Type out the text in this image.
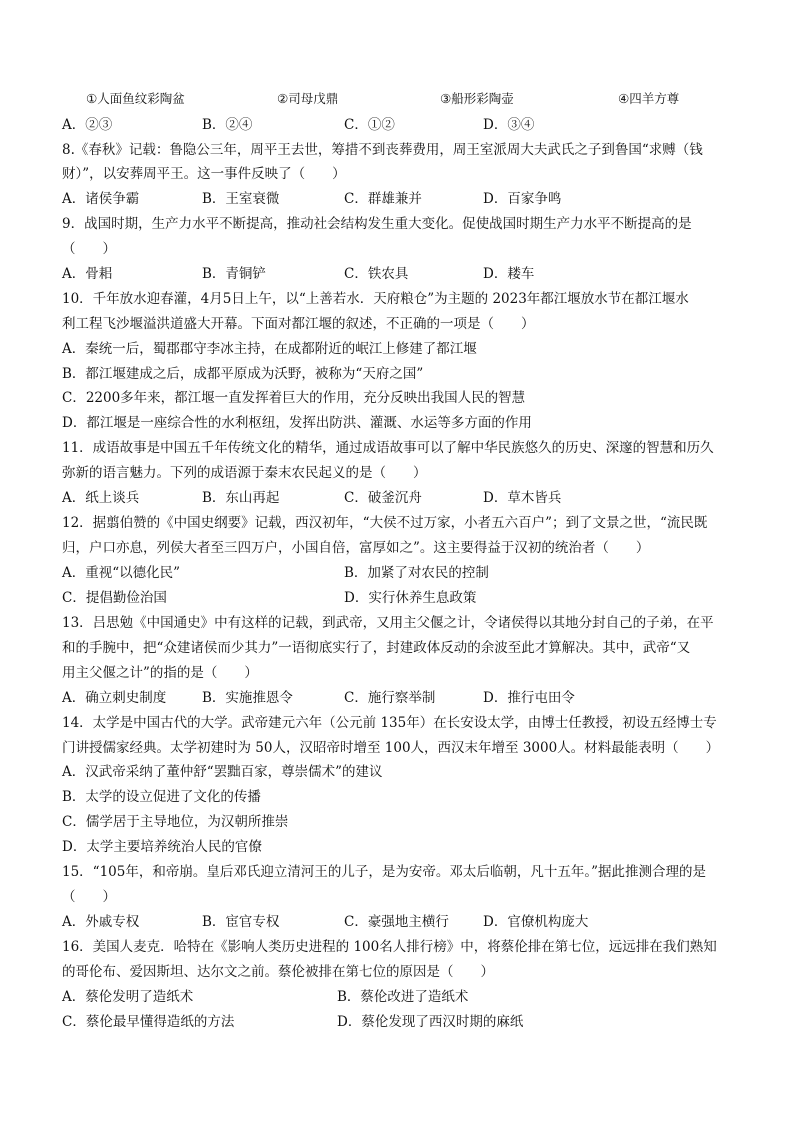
①人面鱼纹彩陶盆	②司母戊鼎	③船形彩陶壶	④四羊方尊
A．②③	B．②④	C．①②	D．③④
8.《春秋》记载：鲁隐公三年，周平王去世，筹措不到丧葬费用，周王室派周大夫武氏之子到鲁国“求赙（钱
财）”，以安葬周平王。这一事件反映了（　　）
A．诸侯争霸	B．王室衰微	C．群雄兼并	D．百家争鸣
9．战国时期，生产力水平不断提高，推动社会结构发生重大变化。促使战国时期生产力水平不断提高的是
（　　）
A．骨耜	B．青铜铲	C．铁农具	D．耧车
10．千年放水迎春灌，4月5日上午，以“上善若水．天府粮仓”为主题的 2023年都江堰放水节在都江堰水
利工程飞沙堰溢洪道盛大开幕。下面对都江堰的叙述，不正确的一项是（　　）
A．秦统一后，蜀郡郡守李冰主持，在成都附近的岷江上修建了都江堰
B．都江堰建成之后，成都平原成为沃野，被称为“天府之国”
C．2200多年来，都江堰一直发挥着巨大的作用，充分反映出我国人民的智慧
D．都江堰是一座综合性的水利枢纽，发挥出防洪、灌溉、水运等多方面的作用
11．成语故事是中国五千年传统文化的精华，通过成语故事可以了解中华民族悠久的历史、深邃的智慧和历久
弥新的语言魅力。下列的成语源于秦末农民起义的是（　　）
A．纸上谈兵	B．东山再起	C．破釜沉舟	D．草木皆兵
12．据翦伯赞的《中国史纲要》记载，西汉初年，“大侯不过万家，小者五六百户”；到了文景之世，“流民既
归，户口亦息，列侯大者至三四万户，小国自倍，富厚如之”。这主要得益于汉初的统治者（　　）
A．重视“以德化民”	B．加紧了对农民的控制
C．提倡勤俭治国	D．实行休养生息政策
13．吕思勉《中国通史》中有这样的记载，到武帝，又用主父偃之计，令诸侯得以其地分封自己的子弟，在平
和的手腕中，把“众建诸侯而少其力”一语彻底实行了，封建政体反动的余波至此才算解决。其中，武帝“又
用主父偃之计”的指的是（　　）
A．确立刺史制度	B．实施推恩令	C．施行察举制	D．推行屯田令
14．太学是中国古代的大学。武帝建元六年（公元前 135年）在长安设太学，由博士任教授，初设五经博士专
门讲授儒家经典。太学初建时为 50人，汉昭帝时增至 100人，西汉末年增至 3000人。材料最能表明（　　）
A．汉武帝采纳了董仲舒“罢黜百家，尊崇儒术”的建议
B．太学的设立促进了文化的传播
C．儒学居于主导地位，为汉朝所推崇
D．太学主要培养统治人民的官僚
15．“105年，和帝崩。皇后邓氏迎立清河王的儿子，是为安帝。邓太后临朝，凡十五年。”据此推测合理的是
（　　）
A．外戚专权	B．宦官专权	C．豪强地主横行	D．官僚机构庞大
16．美国人麦克．哈特在《影响人类历史进程的 100名人排行榜》中，将蔡伦排在第七位，远远排在我们熟知
的哥伦布、爱因斯坦、达尔文之前。蔡伦被排在第七位的原因是（　　）
A．蔡伦发明了造纸术	B．蔡伦改进了造纸术
C．蔡伦最早懂得造纸的方法	D．蔡伦发现了西汉时期的麻纸
